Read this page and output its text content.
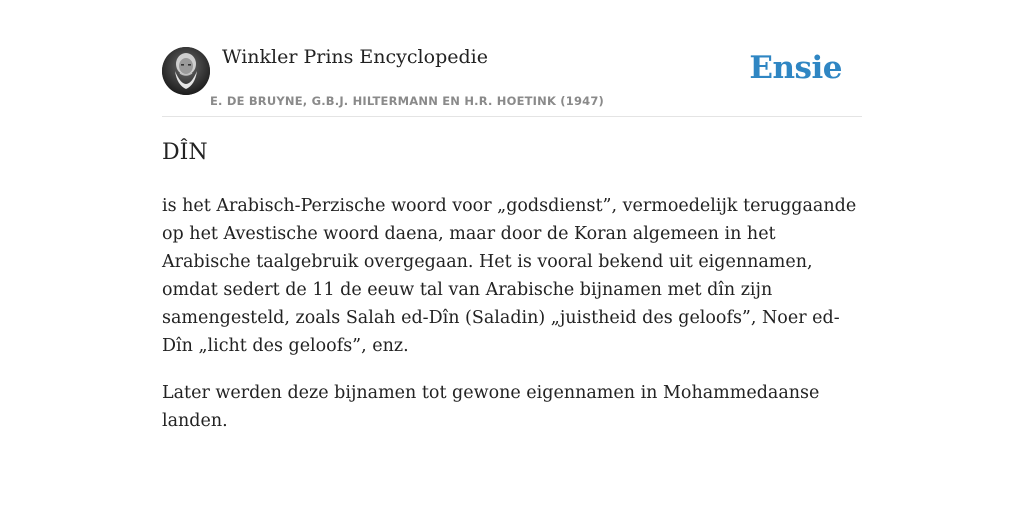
Winkler Prins Encyclopedie
E. DE BRUYNE, G.B.J. HILTERMANN EN H.R. HOETINK (1947)
Ensie
DÎN

is het Arabisch-Perzische woord voor „godsdienst”, vermoedelijk teruggaande op het Avestische woord daena, maar door de Koran algemeen in het Arabische taalgebruik overgegaan. Het is vooral bekend uit eigennamen, omdat sedert de 11 de eeuw tal van Arabische bijnamen met dîn zijn samengesteld, zoals Salah ed-Dîn (Saladin) „juistheid des geloofs”, Noer ed-Dîn „licht des geloofs”, enz.

Later werden deze bijnamen tot gewone eigennamen in Mohammedaanse landen.
